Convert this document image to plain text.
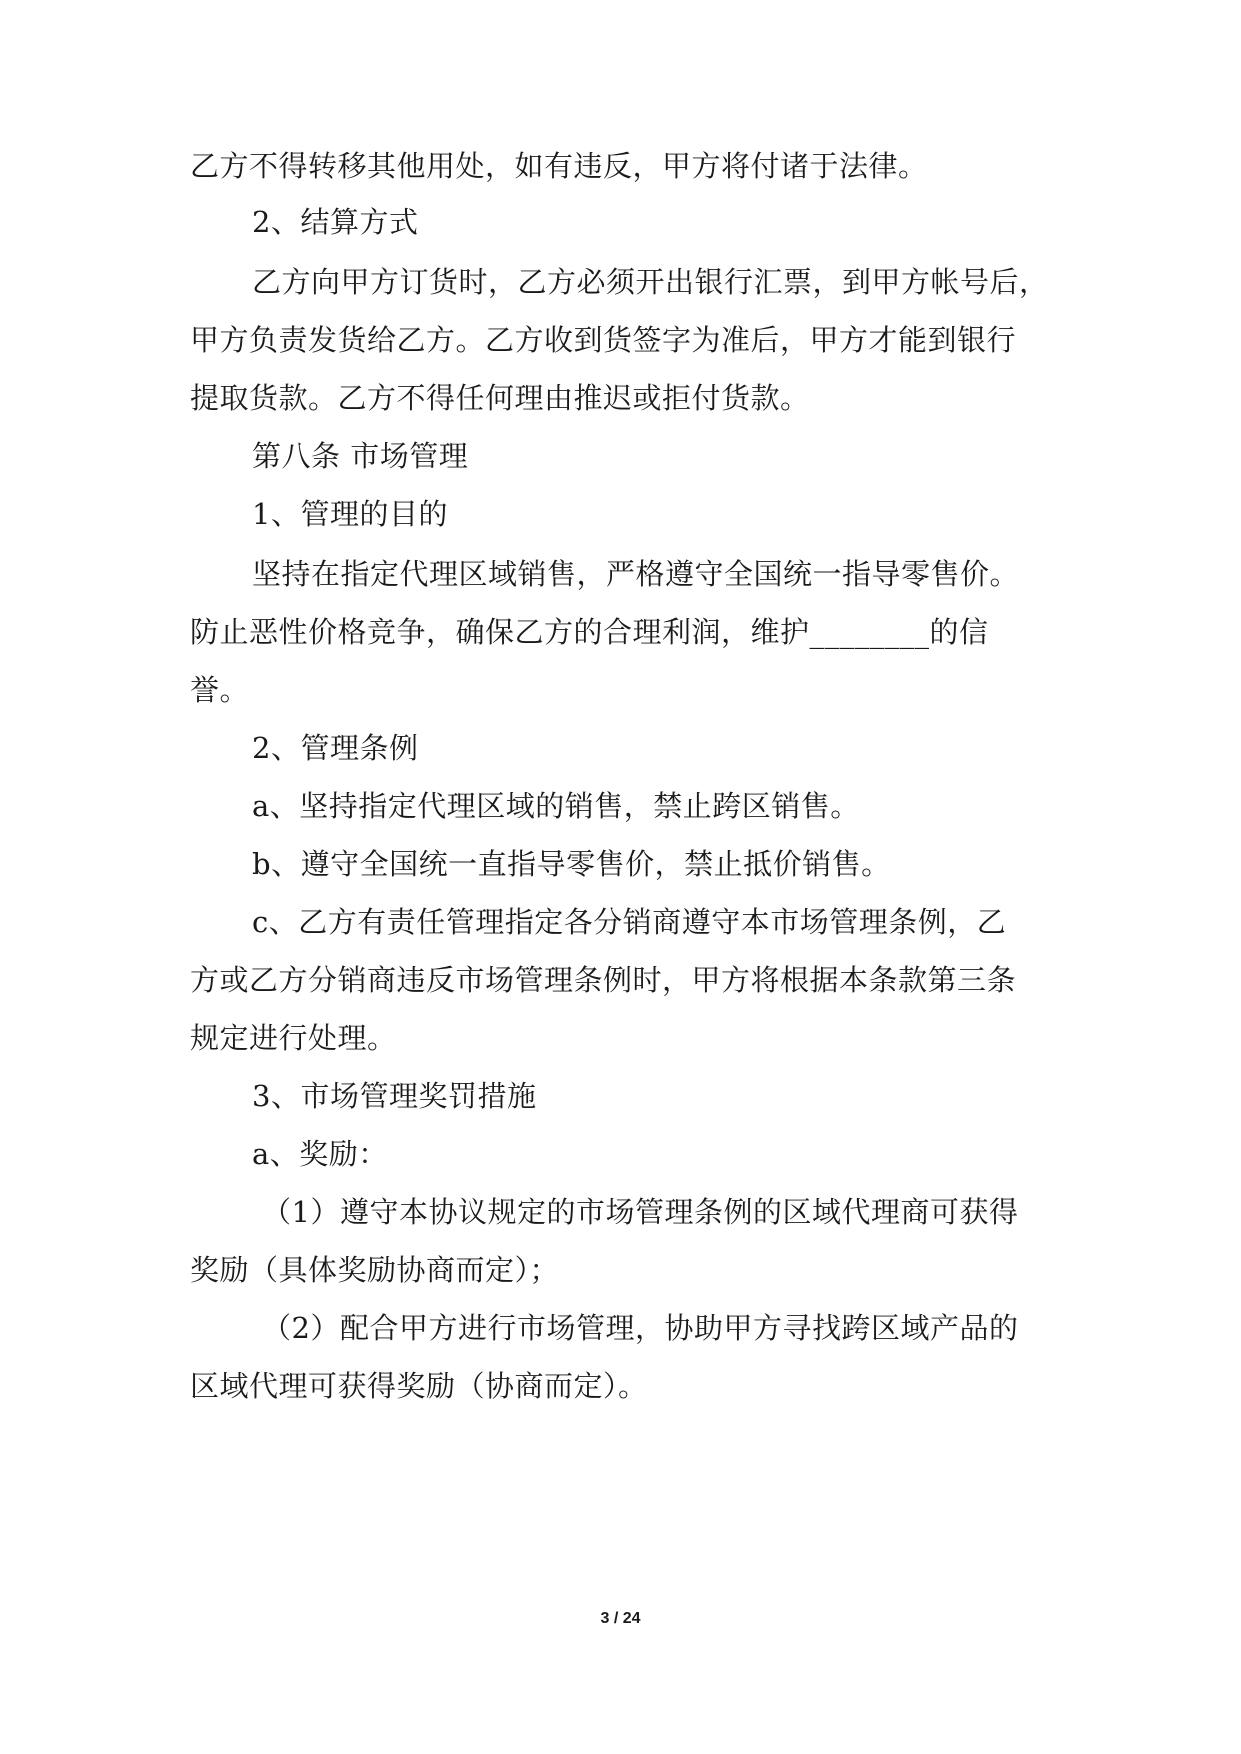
乙方不得转移其他用处，如有违反，甲方将付诸于法律。
2、结算方式
乙方向甲方订货时，乙方必须开出银行汇票，到甲方帐号后，
甲方负责发货给乙方。乙方收到货签字为准后，甲方才能到银行
提取货款。乙方不得任何理由推迟或拒付货款。
第八条 市场管理
1、管理的目的
坚持在指定代理区域销售，严格遵守全国统一指导零售价。
防止恶性价格竞争，确保乙方的合理利润，维护________的信
誉。
2、管理条例
a、坚持指定代理区域的销售，禁止跨区销售。
b、遵守全国统一直指导零售价，禁止抵价销售。
c、乙方有责任管理指定各分销商遵守本市场管理条例，乙
方或乙方分销商违反市场管理条例时，甲方将根据本条款第三条
规定进行处理。
3、市场管理奖罚措施
a、奖励：
（1）遵守本协议规定的市场管理条例的区域代理商可获得
奖励（具体奖励协商而定）；
（2）配合甲方进行市场管理，协助甲方寻找跨区域产品的
区域代理可获得奖励（协商而定）。
3 / 24
